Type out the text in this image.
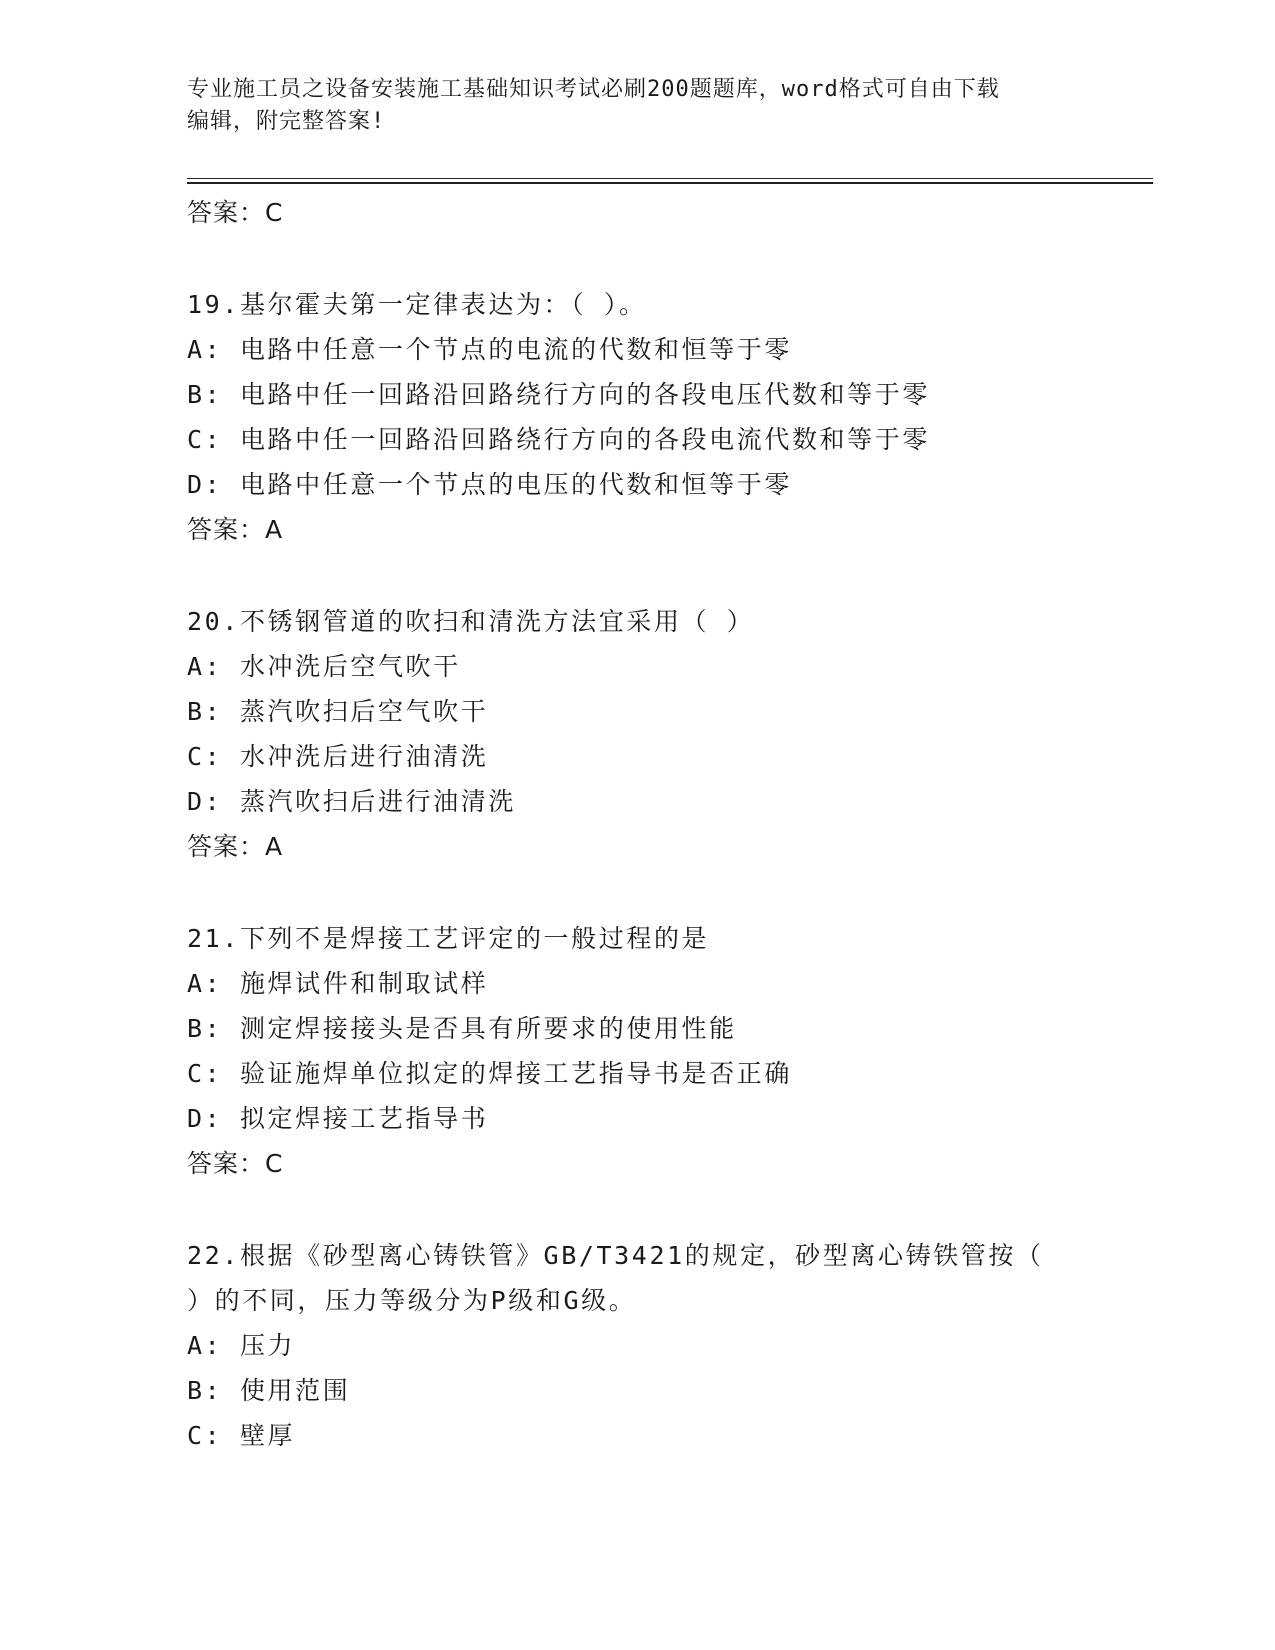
专业施工员之设备安装施工基础知识考试必刷200题题库，word格式可自由下载
编辑，附完整答案!
答案：C
19.基尔霍夫第一定律表达为：（ ）。
A: 电路中任意一个节点的电流的代数和恒等于零
B: 电路中任一回路沿回路绕行方向的各段电压代数和等于零
C: 电路中任一回路沿回路绕行方向的各段电流代数和等于零
D: 电路中任意一个节点的电压的代数和恒等于零
答案：A
20.不锈钢管道的吹扫和清洗方法宜采用（ ）
A: 水冲洗后空气吹干
B: 蒸汽吹扫后空气吹干
C: 水冲洗后进行油清洗
D: 蒸汽吹扫后进行油清洗
答案：A
21.下列不是焊接工艺评定的一般过程的是
A: 施焊试件和制取试样
B: 测定焊接接头是否具有所要求的使用性能
C: 验证施焊单位拟定的焊接工艺指导书是否正确
D: 拟定焊接工艺指导书
答案：C
22.根据《砂型离心铸铁管》GB/T3421的规定，砂型离心铸铁管按（
）的不同，压力等级分为P级和G级。
A: 压力
B: 使用范围
C: 壁厚
